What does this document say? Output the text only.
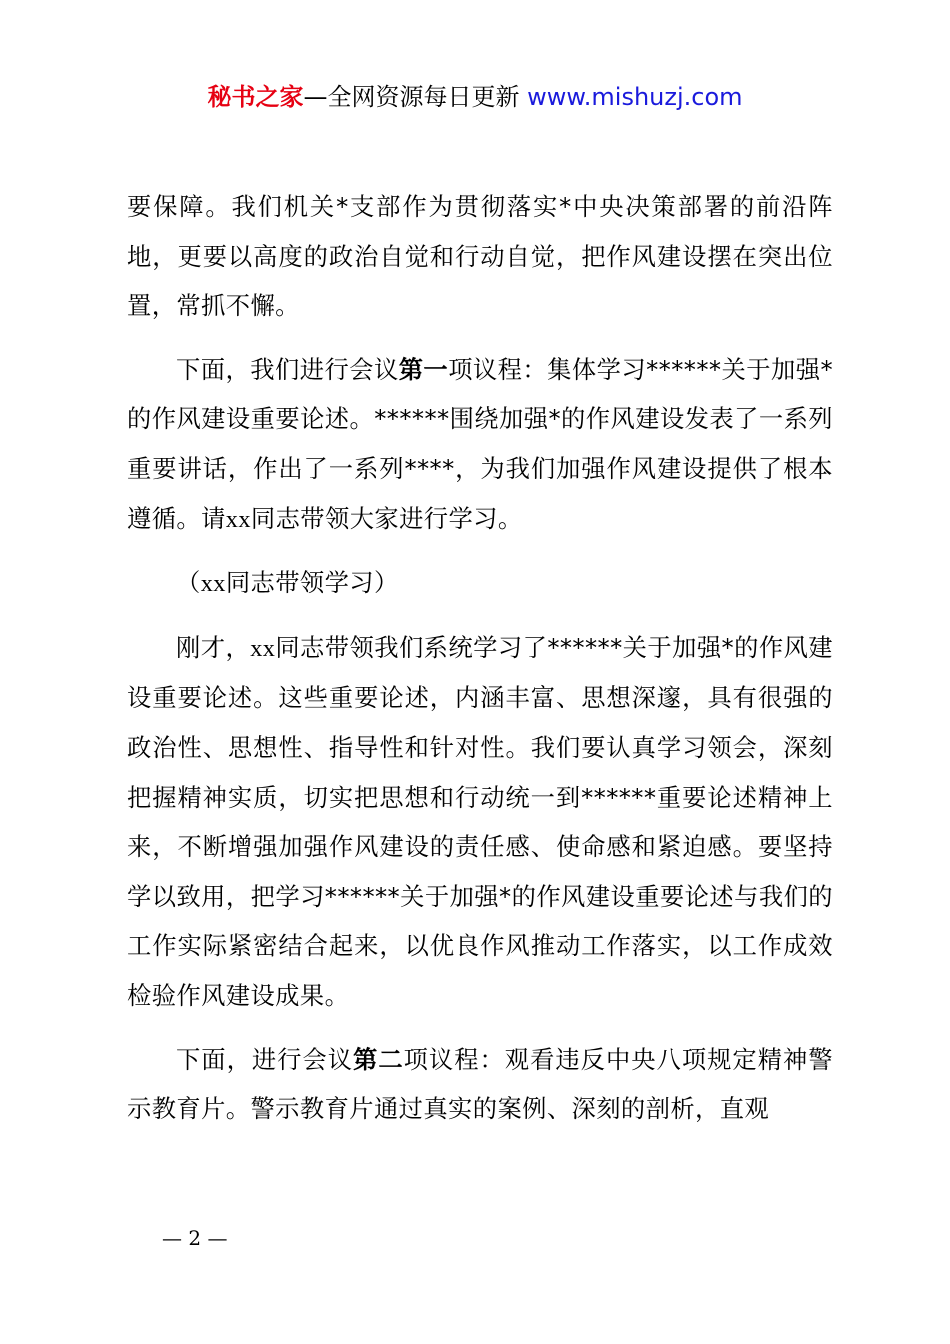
秘书之家—全网资源每日更新 www.mishuzj.com

要保障。我们机关*支部作为贯彻落实*中央决策部署的前沿阵地，更要以高度的政治自觉和行动自觉，把作风建设摆在突出位置，常抓不懈。

下面，我们进行会议第一项议程：集体学习******关于加强*的作风建设重要论述。******围绕加强*的作风建设发表了一系列重要讲话，作出了一系列****，为我们加强作风建设提供了根本遵循。请xx同志带领大家进行学习。

（xx同志带领学习）

刚才，xx同志带领我们系统学习了******关于加强*的作风建设重要论述。这些重要论述，内涵丰富、思想深邃，具有很强的政治性、思想性、指导性和针对性。我们要认真学习领会，深刻把握精神实质，切实把思想和行动统一到******重要论述精神上来，不断增强加强作风建设的责任感、使命感和紧迫感。要坚持学以致用，把学习******关于加强*的作风建设重要论述与我们的工作实际紧密结合起来，以优良作风推动工作落实，以工作成效检验作风建设成果。

下面，进行会议第二项议程：观看违反中央八项规定精神警示教育片。警示教育片通过真实的案例、深刻的剖析，直观

— 2 —
